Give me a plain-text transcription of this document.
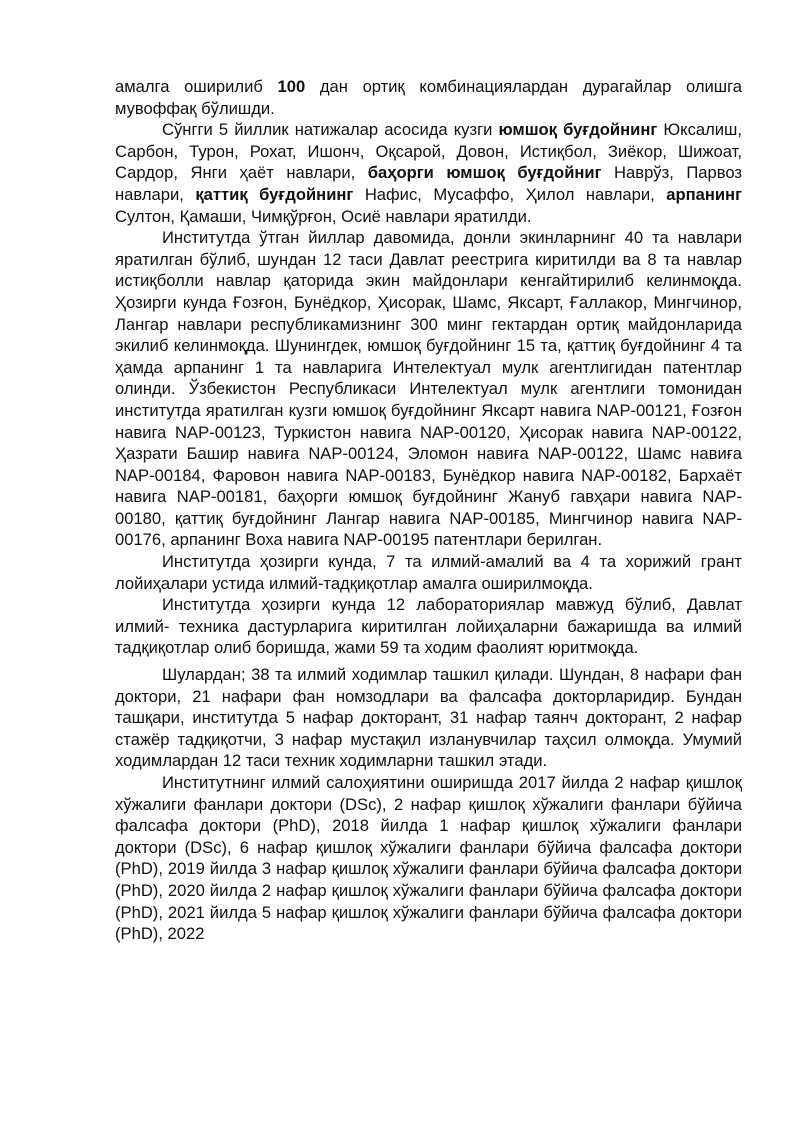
амалга оширилиб 100 дан ортиқ комбинациялардан дурагайлар олишга мувоффақ бўлишди.

Сўнгги 5 йиллик натижалар асосида кузги юмшоқ буғдойнинг Юксалиш, Сарбон, Турон, Рохат, Ишонч, Оқсарой, Довон, Истиқбол, Зиёкор, Шижоат, Сардор, Янги ҳаёт навлари, баҳорги юмшоқ буғдойниг Наврўз, Парвоз навлари, қаттиқ буғдойнинг Нафис, Мусаффо, Ҳилол навлари, арпанинг Султон, Қамаши, Чимқўрғон, Осиё навлари яратилди.

Институтда ўтган йиллар давомида, донли экинларнинг 40 та навлари яратилган бўлиб, шундан 12 таси Давлат реестрига киритилди ва 8 та навлар истиқболли навлар қаторида экин майдонлари кенгайтирилиб келинмоқда. Ҳозирги кунда Ғозғон, Бунёдкор, Ҳисорак, Шамс, Яксарт, Ғаллакор, Мингчинор, Лангар навлари республикамизнинг 300 минг гектардан ортиқ майдонларида экилиб келинмоқда. Шунингдек, юмшоқ буғдойнинг 15 та, қаттиқ буғдойнинг 4 та ҳамда арпанинг 1 та навларига Интелектуал мулк агентлигидан патентлар олинди. Ўзбекистон Республикаси Интелектуал мулк агентлиги томонидан институтда яратилган кузги юмшоқ буғдойнинг Яксарт навига NAP-00121, Ғозғон навига NAP-00123, Туркистон навига NAP-00120, Ҳисорак навига NAP-00122, Ҳазрати Башир навиға NAP-00124, Эломон навиға NAP-00122, Шамс навиға NAP-00184, Фаровон навига NAP-00183, Бунёдкор навига NAP-00182, Бархаёт навига NAP-00181, баҳорги юмшоқ буғдойнинг Жануб гавҳари навига NAP-00180, қаттиқ буғдойнинг Лангар навига NAP-00185, Мингчинор навига NAP-00176, арпанинг Воха навига NAP-00195 патентлари берилган.

Институтда ҳозирги кунда, 7 та илмий-амалий ва 4 та хорижий грант лойиҳалари устида илмий-тадқиқотлар амалга оширилмоқда.

Институтда ҳозирги кунда 12 лабораториялар мавжуд бўлиб, Давлат илмий- техника дастурларига киритилган лойиҳаларни бажаришда ва илмий тадқиқотлар олиб боришда, жами 59 та ходим фаолият юритмоқда.

Шулардан; 38 та илмий ходимлар ташкил қилади. Шундан, 8 нафари фан доктори, 21 нафари фан номзодлари ва фалсафа докторларидир. Бундан ташқари, институтда 5 нафар докторант, 31 нафар таянч докторант, 2 нафар стажёр тадқиқотчи, 3 нафар мустақил изланувчилар таҳсил олмоқда. Умумий ходимлардан 12 таси техник ходимларни ташкил этади.

Институтнинг илмий салоҳиятини оширишда 2017 йилда 2 нафар қишлоқ хўжалиги фанлари доктори (DSc), 2 нафар қишлоқ хўжалиги фанлари бўйича фалсафа доктори (PhD), 2018 йилда 1 нафар қишлоқ хўжалиги фанлари доктори (DSc), 6 нафар қишлоқ хўжалиги фанлари бўйича фалсафа доктори (PhD), 2019 йилда 3 нафар қишлоқ хўжалиги фанлари бўйича фалсафа доктори (PhD), 2020 йилда 2 нафар қишлоқ хўжалиги фанлари бўйича фалсафа доктори (PhD), 2021 йилда 5 нафар қишлоқ хўжалиги фанлари бўйича фалсафа доктори (PhD), 2022
